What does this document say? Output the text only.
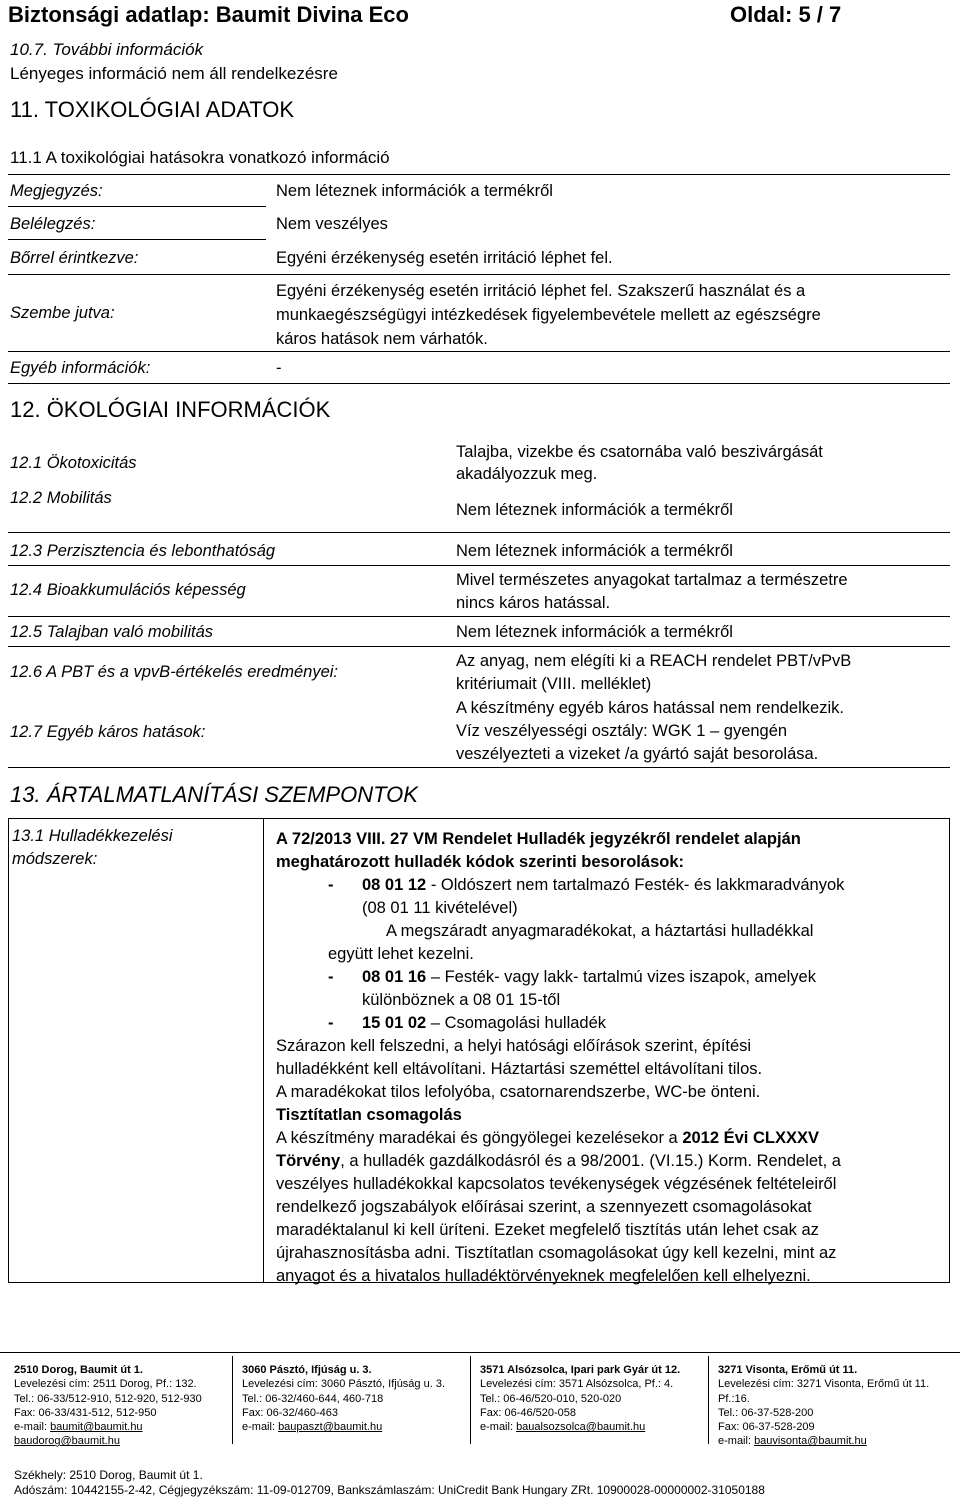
Biztonsági adatlap: Baumit Divina Eco	Oldal: 5 / 7
10.7. További információk
Lényeges információ nem áll rendelkezésre
11. TOXIKOLÓGIAI ADATOK
11.1 A toxikológiai hatásokra vonatkozó információ
Megjegyzés:	Nem léteznek információk a termékről
Belélegzés:	Nem veszélyes
Bőrrel érintkezve:	Egyéni érzékenység esetén irritáció léphet fel.
Szembe jutva:
Egyéni érzékenység esetén irritáció léphet fel. Szakszerű használat és a
munkaegészségügyi intézkedések figyelembevétele mellett az egészségre
káros hatások nem várhatók.
Egyéb információk:	-
12. ÖKOLÓGIAI INFORMÁCIÓK
12.1 Ökotoxicitás
Talajba, vizekbe és csatornába való beszivárgását
akadályozzuk meg.
12.2 Mobilitás
Nem léteznek információk a termékről
12.3 Perzisztencia és lebonthatóság	Nem léteznek információk a termékről
12.4 Bioakkumulációs képesség
Mivel természetes anyagokat tartalmaz a természetre
nincs káros hatással.
12.5 Talajban való mobilitás	Nem léteznek információk a termékről
12.6 A PBT és a vpvB-értékelés eredményei:
Az anyag, nem elégíti ki a REACH rendelet PBT/vPvB
kritériumait (VIII. melléklet)
12.7 Egyéb káros hatások:
A készítmény egyéb káros hatással nem rendelkezik.
Víz veszélyességi osztály: WGK 1 – gyengén
veszélyezteti a vizeket /a gyártó saját besorolása.
13. ÁRTALMATLANÍTÁSI SZEMPONTOK
13.1 Hulladékkezelési
módszerek:
A 72/2013 VIII. 27 VM Rendelet Hulladék jegyzékről rendelet alapján
meghatározott hulladék kódok szerinti besorolások:
- 08 01 12 - Oldószert nem tartalmazó Festék- és lakkmaradványok
(08 01 11 kivételével)
A megszáradt anyagmaradékokat, a háztartási hulladékkal
együtt lehet kezelni.
- 08 01 16 – Festék- vagy lakk- tartalmú vizes iszapok, amelyek
különböznek a 08 01 15-től
- 15 01 02 – Csomagolási hulladék
Szárazon kell felszedni, a helyi hatósági előírások szerint, építési
hulladékként kell eltávolítani. Háztartási szeméttel eltávolítani tilos.
A maradékokat tilos lefolyóba, csatornarendszerbe, WC-be önteni.
Tisztítatlan csomagolás
A készítmény maradékai és göngyölegei kezelésekor a 2012 Évi CLXXXV
Törvény, a hulladék gazdálkodásról és a 98/2001. (VI.15.) Korm. Rendelet, a
veszélyes hulladékokkal kapcsolatos tevékenységek végzésének feltételeiről
rendelkező jogszabályok előírásai szerint, a szennyezett csomagolásokat
maradéktalanul ki kell üríteni. Ezeket megfelelő tisztítás után lehet csak az
újrahasznosításba adni. Tisztítatlan csomagolásokat úgy kell kezelni, mint az
anyagot és a hivatalos hulladéktörvényeknek megfelelően kell elhelyezni.
2510 Dorog, Baumit út 1.
Levelezési cím: 2511 Dorog, Pf.: 132.
Tel.: 06-33/512-910, 512-920, 512-930
Fax: 06-33/431-512, 512-950
e-mail: baumit@baumit.hu
baudorog@baumit.hu
3060 Pásztó, Ifjúság u. 3.
Levelezési cím: 3060 Pásztó, Ifjúság u. 3.
Tel.: 06-32/460-644, 460-718
Fax: 06-32/460-463
e-mail: baupaszt@baumit.hu
3571 Alsózsolca, Ipari park Gyár út 12.
Levelezési cím: 3571 Alsózsolca, Pf.: 4.
Tel.: 06-46/520-010, 520-020
Fax: 06-46/520-058
e-mail: baualsozsolca@baumit.hu
3271 Visonta, Erőmű út 11.
Levelezési cím: 3271 Visonta, Erőmű út 11.
Pf.:16.
Tel.: 06-37-528-200
Fax: 06-37-528-209
e-mail: bauvisonta@baumit.hu
Székhely: 2510 Dorog, Baumit út 1.
Adószám: 10442155-2-42, Cégjegyzékszám: 11-09-012709, Bankszámlaszám: UniCredit Bank Hungary ZRt. 10900028-00000002-31050188
